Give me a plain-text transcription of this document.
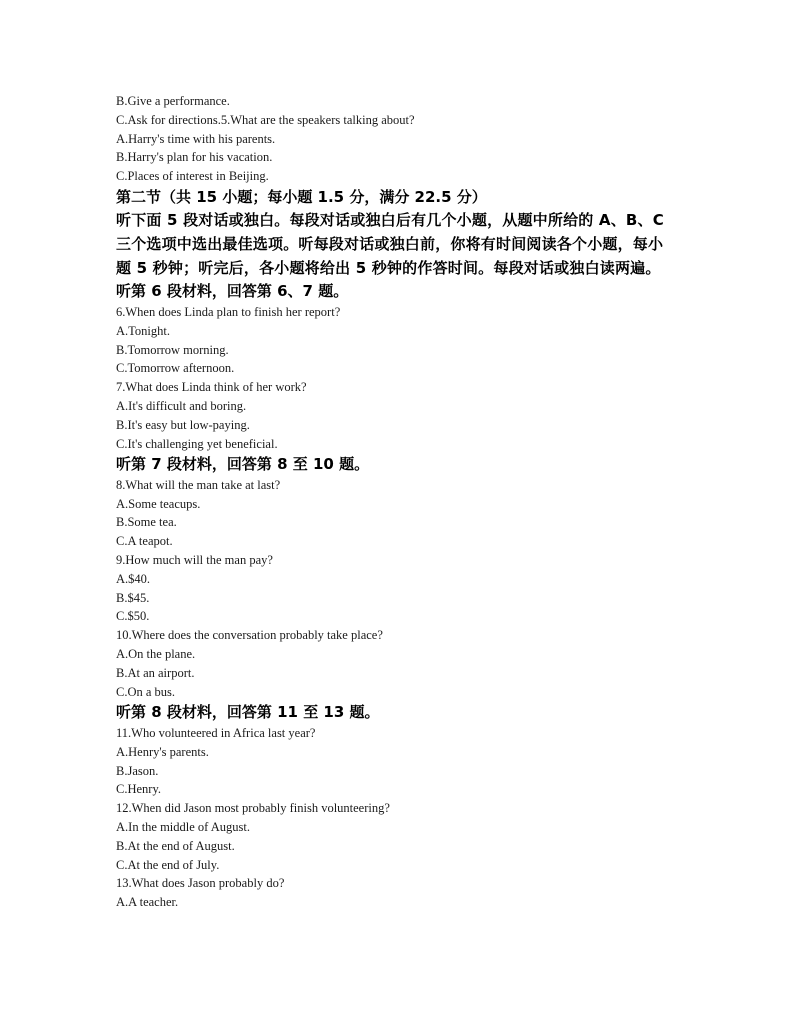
B.Give a performance.
C.Ask for directions.5.What are the speakers talking about?
A.Harry's time with his parents.
B.Harry's plan for his vacation.
C.Places of interest in Beijing.
第二节（共 15 小题；每小题 1.5 分，满分 22.5 分）
听下面 5 段对话或独白。每段对话或独白后有几个小题，从题中所给的 A、B、C
三个选项中选出最佳选项。听每段对话或独白前，你将有时间阅读各个小题，每小
题 5 秒钟；听完后，各小题将给出 5 秒钟的作答时间。每段对话或独白读两遍。
听第 6 段材料，回答第 6、7 题。
6.When does Linda plan to finish her report?
A.Tonight.
B.Tomorrow morning.
C.Tomorrow afternoon.
7.What does Linda think of her work?
A.It's difficult and boring.
B.It's easy but low-paying.
C.It's challenging yet beneficial.
听第 7 段材料，回答第 8 至 10 题。
8.What will the man take at last?
A.Some teacups.
B.Some tea.
C.A teapot.
9.How much will the man pay?
A.$40.
B.$45.
C.$50.
10.Where does the conversation probably take place?
A.On the plane.
B.At an airport.
C.On a bus.
听第 8 段材料，回答第 11 至 13 题。
11.Who volunteered in Africa last year?
A.Henry's parents.
B.Jason.
C.Henry.
12.When did Jason most probably finish volunteering?
A.In the middle of August.
B.At the end of August.
C.At the end of July.
13.What does Jason probably do?
A.A teacher.
